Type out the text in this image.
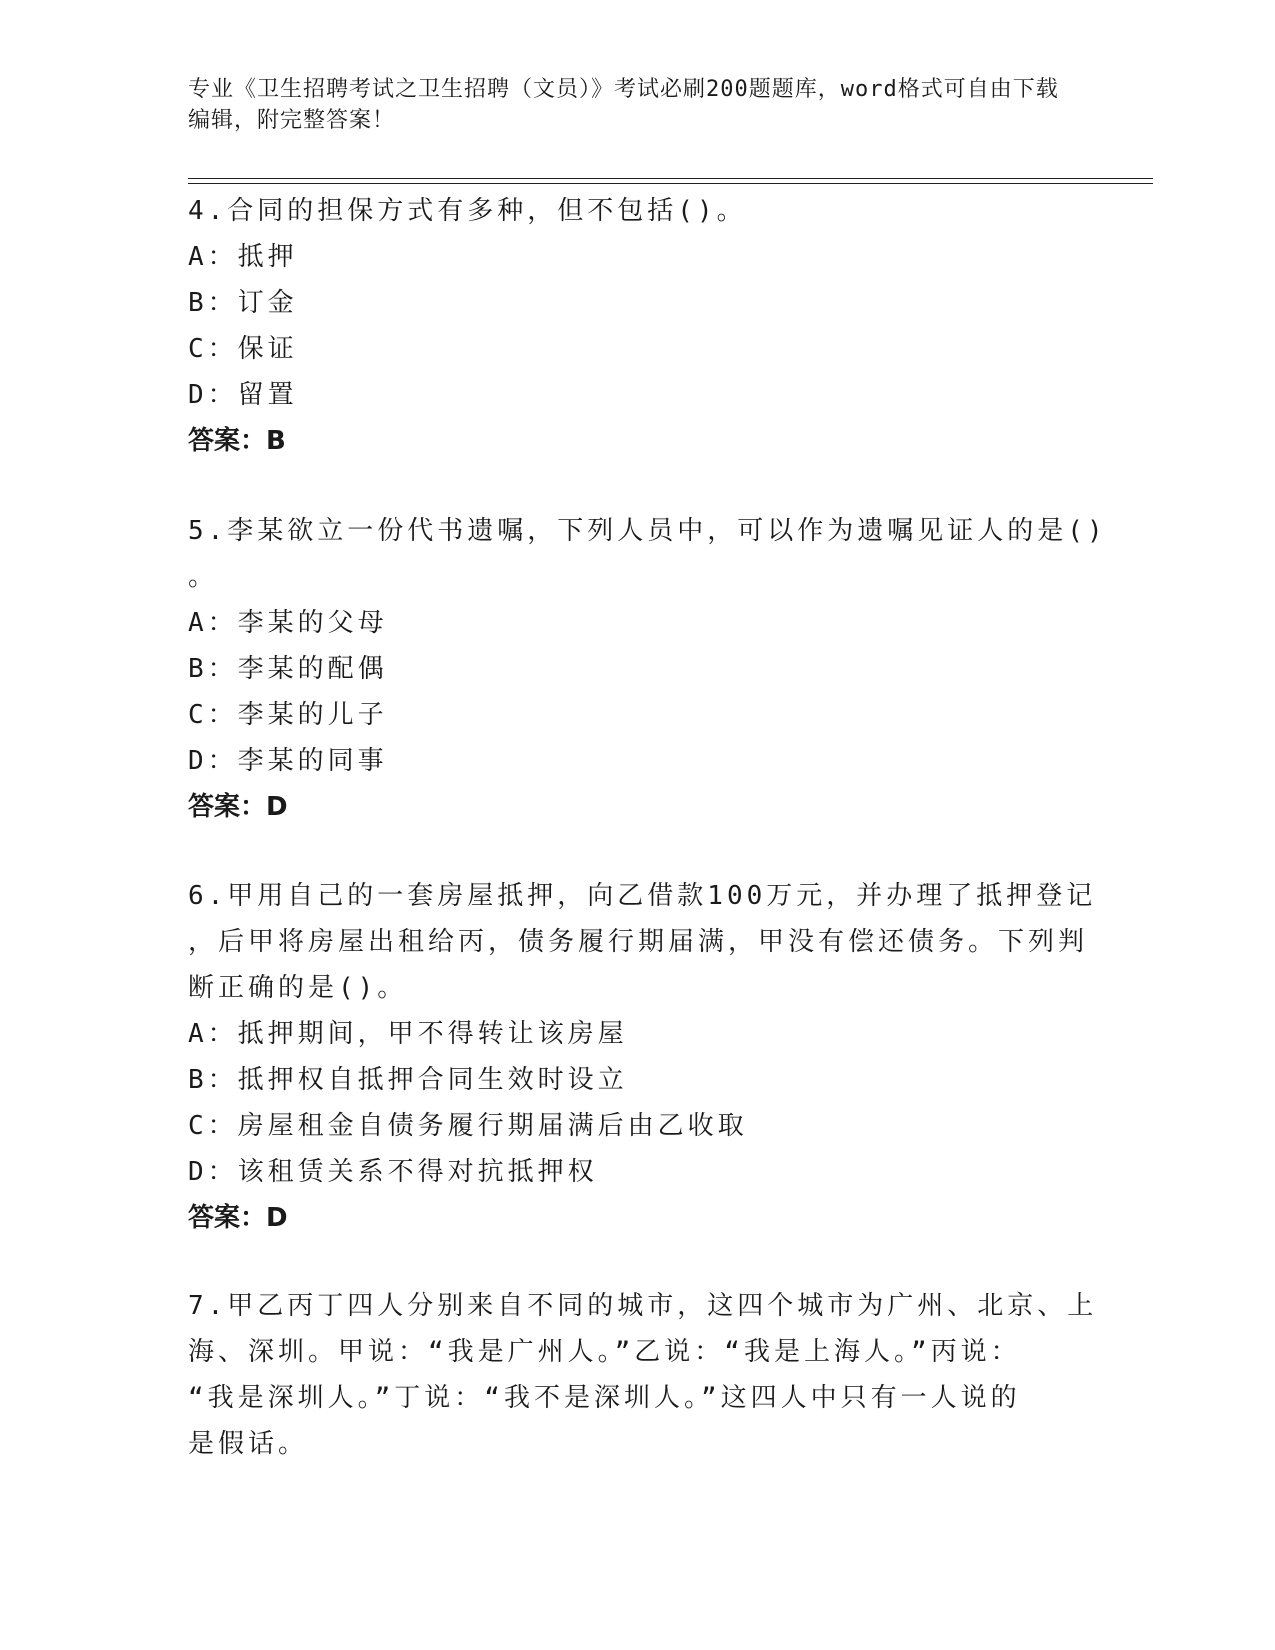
专业《卫生招聘考试之卫生招聘（文员）》考试必刷200题题库，word格式可自由下载编辑，附完整答案！
4.合同的担保方式有多种，但不包括()。
A：抵押
B：订金
C：保证
D：留置
答案：B
5.李某欲立一份代书遗嘱，下列人员中，可以作为遗嘱见证人的是()
。
A：李某的父母
B：李某的配偶
C：李某的儿子
D：李某的同事
答案：D
6.甲用自己的一套房屋抵押，向乙借款100万元，并办理了抵押登记
，后甲将房屋出租给丙，债务履行期届满，甲没有偿还债务。下列判
断正确的是()。
A：抵押期间，甲不得转让该房屋
B：抵押权自抵押合同生效时设立
C：房屋租金自债务履行期届满后由乙收取
D：该租赁关系不得对抗抵押权
答案：D
7.甲乙丙丁四人分别来自不同的城市，这四个城市为广州、北京、上
海、深圳。甲说：“我是广州人。”乙说：“我是上海人。”丙说：
“我是深圳人。”丁说：“我不是深圳人。”这四人中只有一人说的
是假话。
